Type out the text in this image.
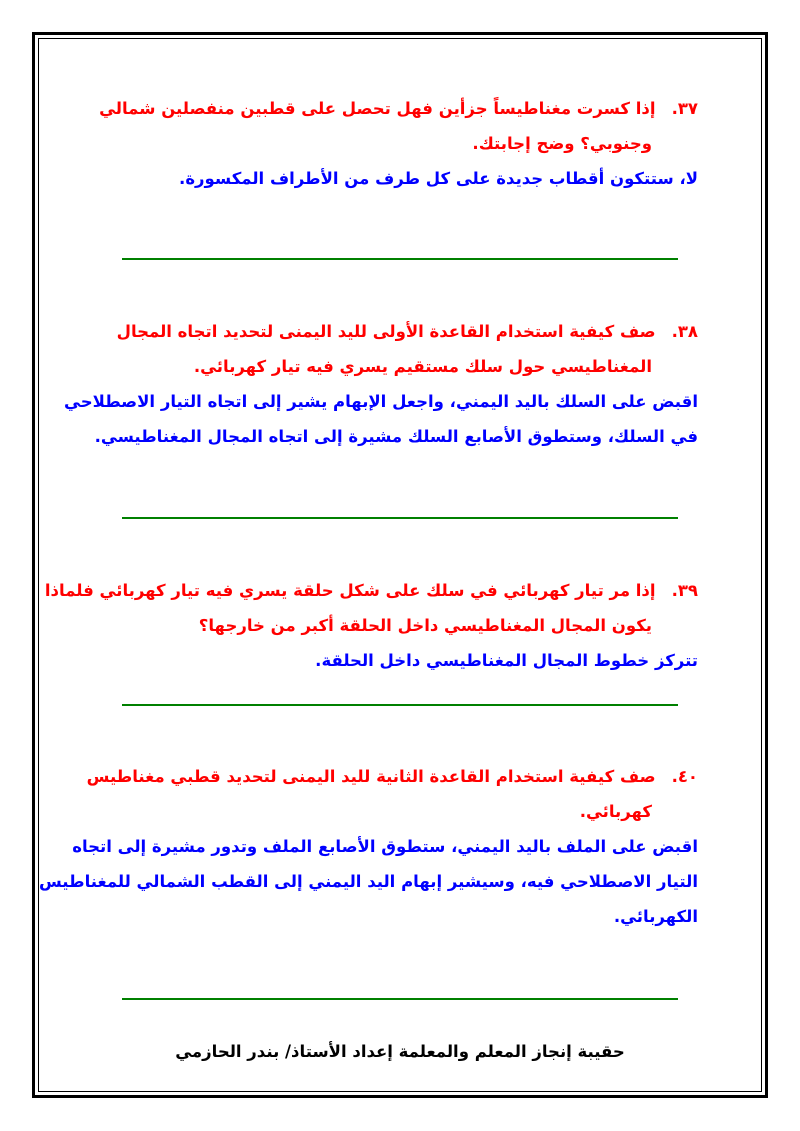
٣٧.إذا كسرت مغناطيساً جزأين فهل تحصل على قطبين منفصلين شمالي
وجنوبي؟ وضح إجابتك.
لا، ستتكون أقطاب جديدة على كل طرف من الأطراف المكسورة.
٣٨.صف كيفية استخدام القاعدة الأولى لليد اليمنى لتحديد اتجاه المجال
المغناطيسي حول سلك مستقيم يسري فيه تيار كهربائي.
اقبض على السلك باليد اليمني، واجعل الإبهام يشير إلى اتجاه التيار الاصطلاحي
في السلك، وستطوق الأصابع السلك مشيرة إلى اتجاه المجال المغناطيسي.
٣٩.إذا مر تيار كهربائي في سلك على شكل حلقة يسري فيه تيار كهربائي فلماذا
يكون المجال المغناطيسي داخل الحلقة أكبر من خارجها؟
تتركز خطوط المجال المغناطيسي داخل الحلقة.
٤٠.صف كيفية استخدام القاعدة الثانية لليد اليمنى لتحديد قطبي مغناطيس
كهربائي.
اقبض على الملف باليد اليمني، ستطوق الأصابع الملف وتدور مشيرة إلى اتجاه
التيار الاصطلاحي فيه، وسيشير إبهام اليد اليمني إلى القطب الشمالي للمغناطيس
الكهربائي.
حقيبة إنجاز المعلم والمعلمة إعداد الأستاذ/ بندر الحازمي
